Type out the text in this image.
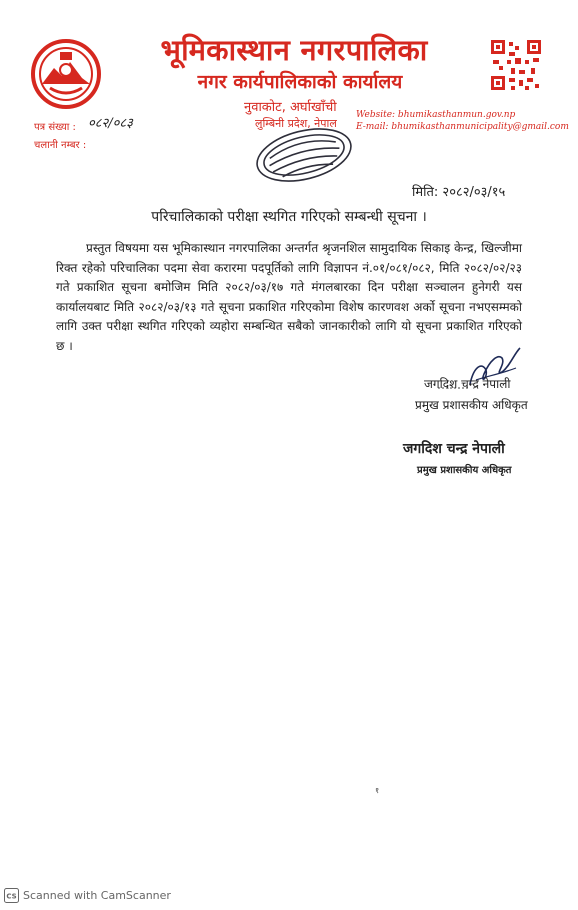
भूमिकास्थान नगरपालिका
नगर कार्यपालिकाको कार्यालय
नुवाकोट, अर्घाखाँची
लुम्बिनी प्रदेश, नेपाल
Website: bhumikasthanmun.gov.np
E-mail: bhumikasthanmunicipality@gmail.com
पत्र संख्या : ०८२/०८३
चलानी नम्बर :
मिति: २०८२/०३/१५
परिचालिकाको परीक्षा स्थगित गरिएको सम्बन्धी सूचना ।
प्रस्तुत विषयमा यस भूमिकास्थान नगरपालिका अन्तर्गत श्रृजनशिल सामुदायिक सिकाइ केन्द्र, खिल्जीमा रिक्त रहेको परिचालिका पदमा सेवा करारमा पदपूर्तिको लागि विज्ञापन नं.०१/०८१/०८२, मिति २०८२/०२/२३ गते प्रकाशित सूचना बमोजिम मिति २०८२/०३/१७ गते मंगलबारका दिन परीक्षा सञ्चालन हुनेगरी यस कार्यालयबाट मिति २०८२/०३/१३ गते सूचना प्रकाशित गरिएकोमा विशेष कारणवश अर्को सूचना नभएसम्मको लागि उक्त परीक्षा स्थगित गरिएको व्यहोरा सम्बन्धित सबैको जानकारीको लागि यो सूचना प्रकाशित गरिएको छ ।
जगदिश चन्द्र नेपाली
प्रमुख प्रशासकीय अधिकृत
जगदिश चन्द्र नेपाली
प्रमुख प्रशासकीय अधिकृत
१
CS Scanned with CamScanner
